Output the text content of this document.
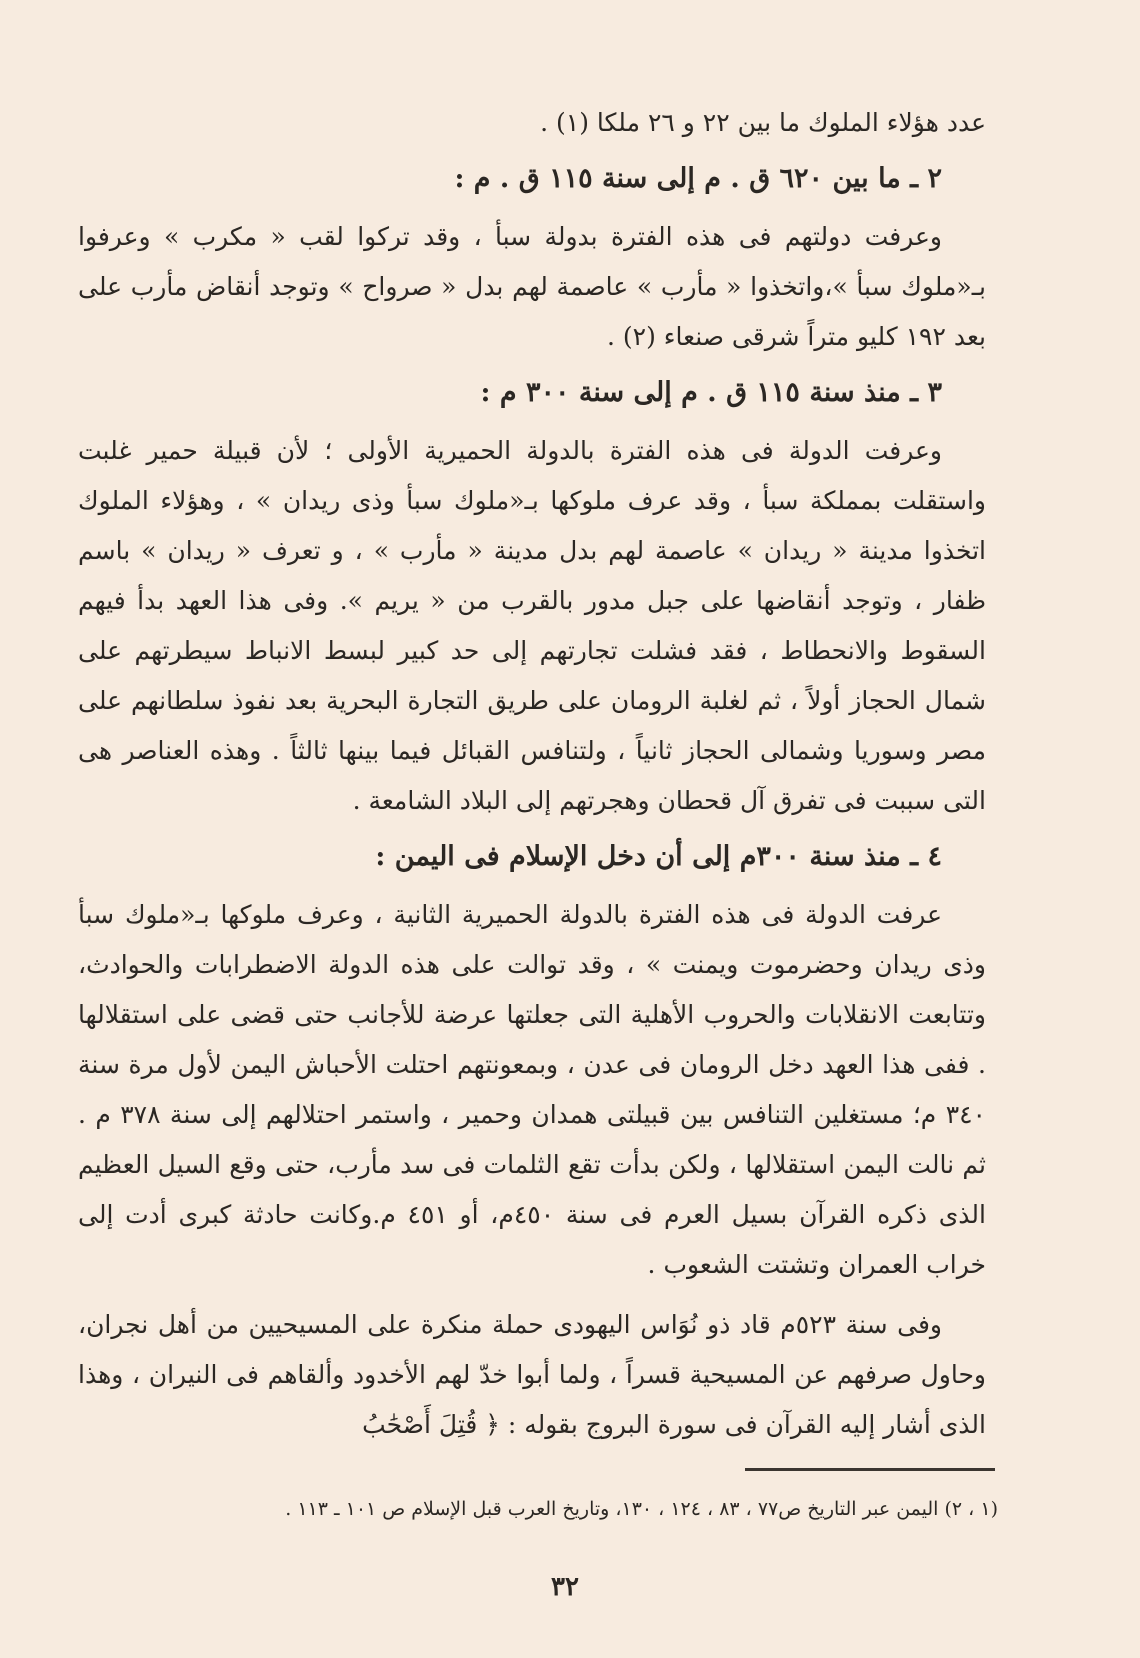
عدد هؤلاء الملوك ما بين ٢٢ و ٢٦ ملكا (١) .

٢ ـ ما بين ٦٢٠ ق . م إلى سنة ١١٥ ق . م :

وعرفت دولتهم فى هذه الفترة بدولة سبأ ، وقد تركوا لقب « مكرب » وعرفوا بـ«ملوك سبأ »،واتخذوا « مأرب » عاصمة لهم بدل « صرواح » وتوجد أنقاض مأرب على بعد ١٩٢ كليو متراً شرقى صنعاء (٢) .

٣ ـ منذ سنة ١١٥ ق . م إلى سنة ٣٠٠ م :

وعرفت الدولة فى هذه الفترة بالدولة الحميرية الأولى ؛ لأن قبيلة حمير غلبت واستقلت بمملكة سبأ ، وقد عرف ملوكها بـ«ملوك سبأ وذى ريدان » ، وهؤلاء الملوك اتخذوا مدينة « ريدان » عاصمة لهم بدل مدينة « مأرب » ، و تعرف « ريدان » باسم ظفار ، وتوجد أنقاضها على جبل مدور بالقرب من « يريم ». وفى هذا العهد بدأ فيهم السقوط والانحطاط ، فقد فشلت تجارتهم إلى حد كبير لبسط الانباط سيطرتهم على شمال الحجاز أولاً ، ثم لغلبة الرومان على طريق التجارة البحرية بعد نفوذ سلطانهم على مصر وسوريا وشمالى الحجاز ثانياً ، ولتنافس القبائل فيما بينها ثالثاً . وهذه العناصر هى التى سببت فى تفرق آل قحطان وهجرتهم إلى البلاد الشامعة .

٤ ـ منذ سنة ٣٠٠م إلى أن دخل الإسلام فى اليمن :

عرفت الدولة فى هذه الفترة بالدولة الحميرية الثانية ، وعرف ملوكها بـ«ملوك سبأ وذى ريدان وحضرموت ويمنت » ، وقد توالت على هذه الدولة الاضطرابات والحوادث، وتتابعت الانقلابات والحروب الأهلية التى جعلتها عرضة للأجانب حتى قضى على استقلالها . ففى هذا العهد دخل الرومان فى عدن ، وبمعونتهم احتلت الأحباش اليمن لأول مرة سنة ٣٤٠ م؛ مستغلين التنافس بين قبيلتى همدان وحمير ، واستمر احتلالهم إلى سنة ٣٧٨ م . ثم نالت اليمن استقلالها ، ولكن بدأت تقع الثلمات فى سد مأرب، حتى وقع السيل العظيم الذى ذكره القرآن بسيل العرم فى سنة ٤٥٠م، أو ٤٥١ م.وكانت حادثة كبرى أدت إلى خراب العمران وتشتت الشعوب .

وفى سنة ٥٢٣م قاد ذو نُوَاس اليهودى حملة منكرة على المسيحيين من أهل نجران، وحاول صرفهم عن المسيحية قسراً ، ولما أبوا خدّ لهم الأخدود وألقاهم فى النيران ، وهذا الذى أشار إليه القرآن فى سورة البروج بقوله : ﴿ قُتِلَ أَصْحَٰبُ

(١ ، ٢) اليمن عبر التاريخ ص٧٧ ، ٨٣ ، ١٢٤ ، ١٣٠، وتاريخ العرب قبل الإسلام ص ١٠١ ـ ١١٣ .
٣٢
